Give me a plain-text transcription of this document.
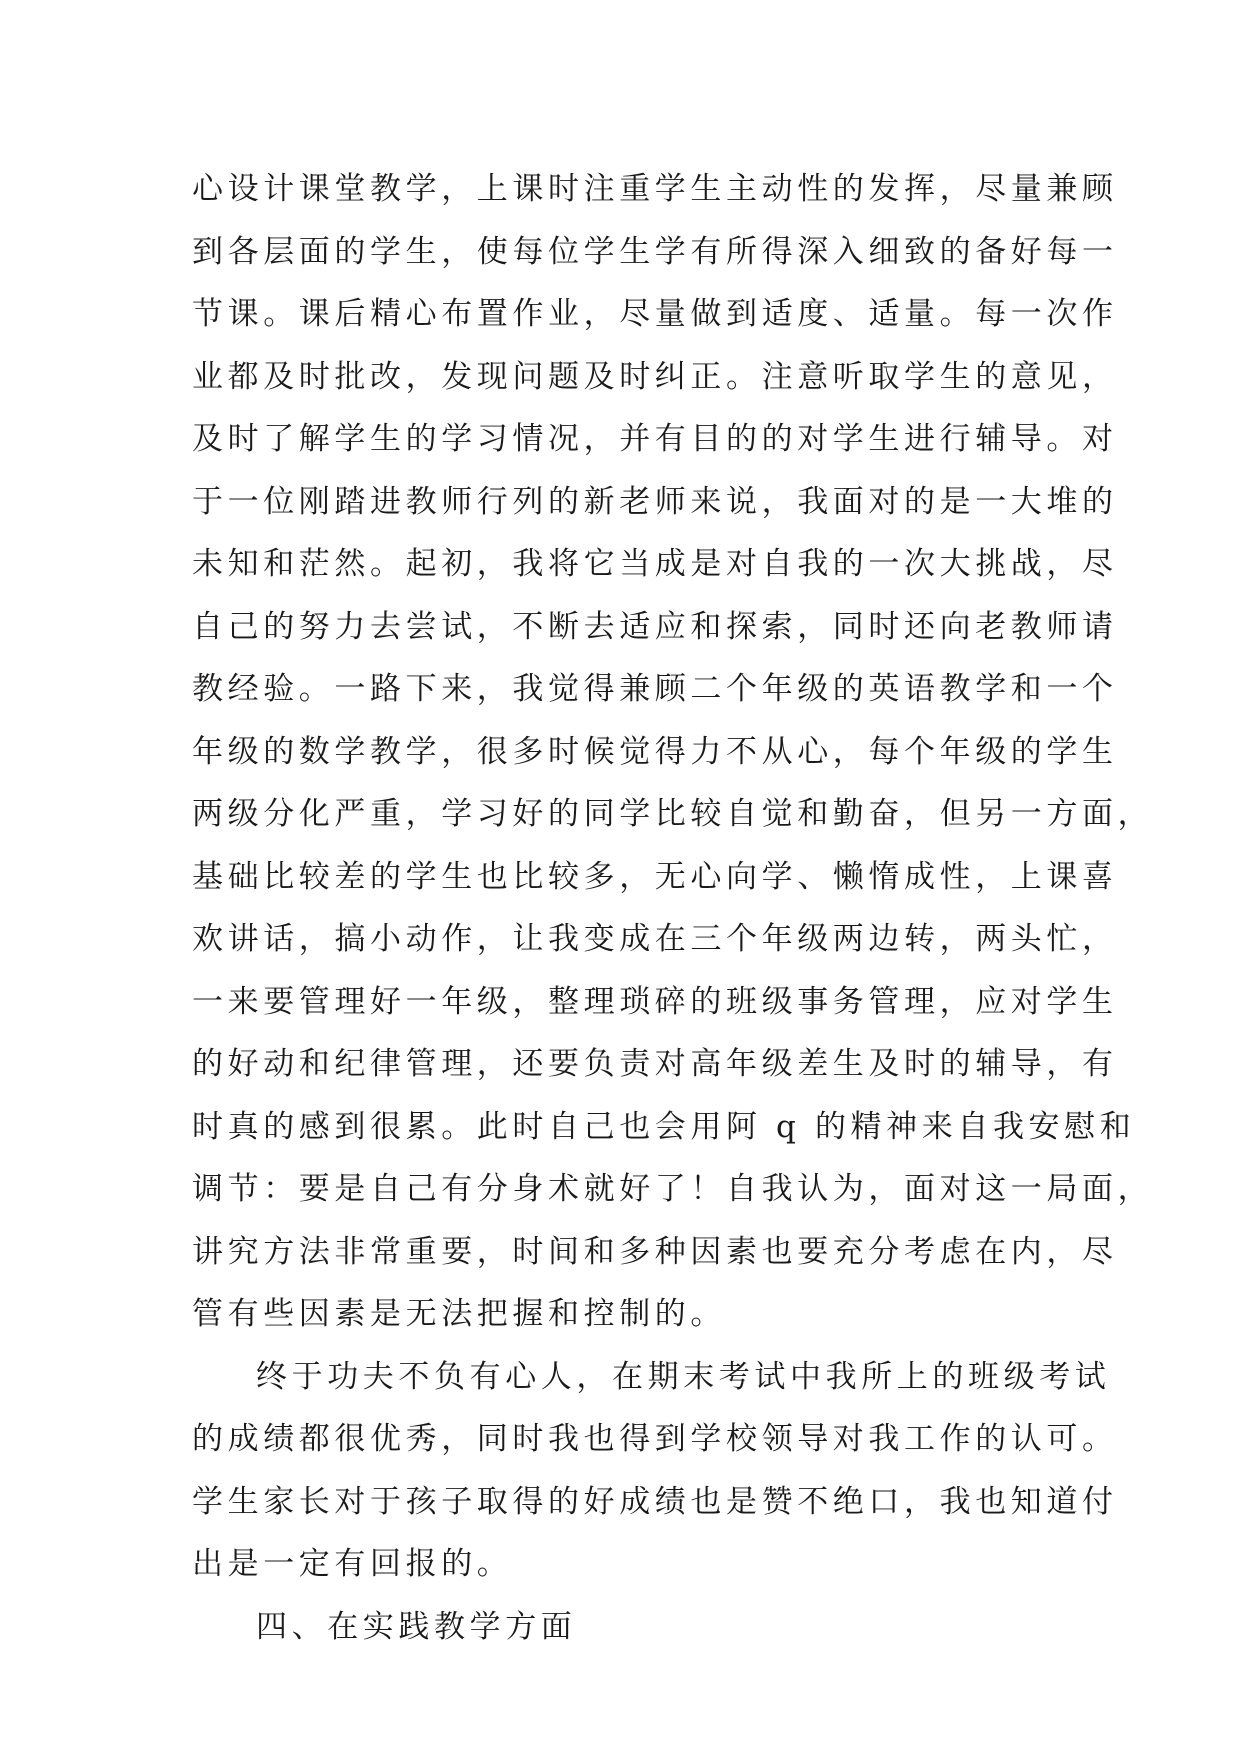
心设计课堂教学，上课时注重学生主动性的发挥，尽量兼顾
到各层面的学生，使每位学生学有所得深入细致的备好每一
节课。课后精心布置作业，尽量做到适度、适量。每一次作
业都及时批改，发现问题及时纠正。注意听取学生的意见，
及时了解学生的学习情况，并有目的的对学生进行辅导。对
于一位刚踏进教师行列的新老师来说，我面对的是一大堆的
未知和茫然。起初，我将它当成是对自我的一次大挑战，尽
自己的努力去尝试，不断去适应和探索，同时还向老教师请
教经验。一路下来，我觉得兼顾二个年级的英语教学和一个
年级的数学教学，很多时候觉得力不从心，每个年级的学生
两级分化严重，学习好的同学比较自觉和勤奋，但另一方面，
基础比较差的学生也比较多，无心向学、懒惰成性，上课喜
欢讲话，搞小动作，让我变成在三个年级两边转，两头忙，
一来要管理好一年级，整理琐碎的班级事务管理，应对学生
的好动和纪律管理，还要负责对高年级差生及时的辅导，有
时真的感到很累。此时自己也会用阿 q 的精神来自我安慰和
调节：要是自己有分身术就好了！自我认为，面对这一局面，
讲究方法非常重要，时间和多种因素也要充分考虑在内，尽
管有些因素是无法把握和控制的。
终于功夫不负有心人，在期末考试中我所上的班级考试
的成绩都很优秀，同时我也得到学校领导对我工作的认可。
学生家长对于孩子取得的好成绩也是赞不绝口，我也知道付
出是一定有回报的。
四、在实践教学方面
